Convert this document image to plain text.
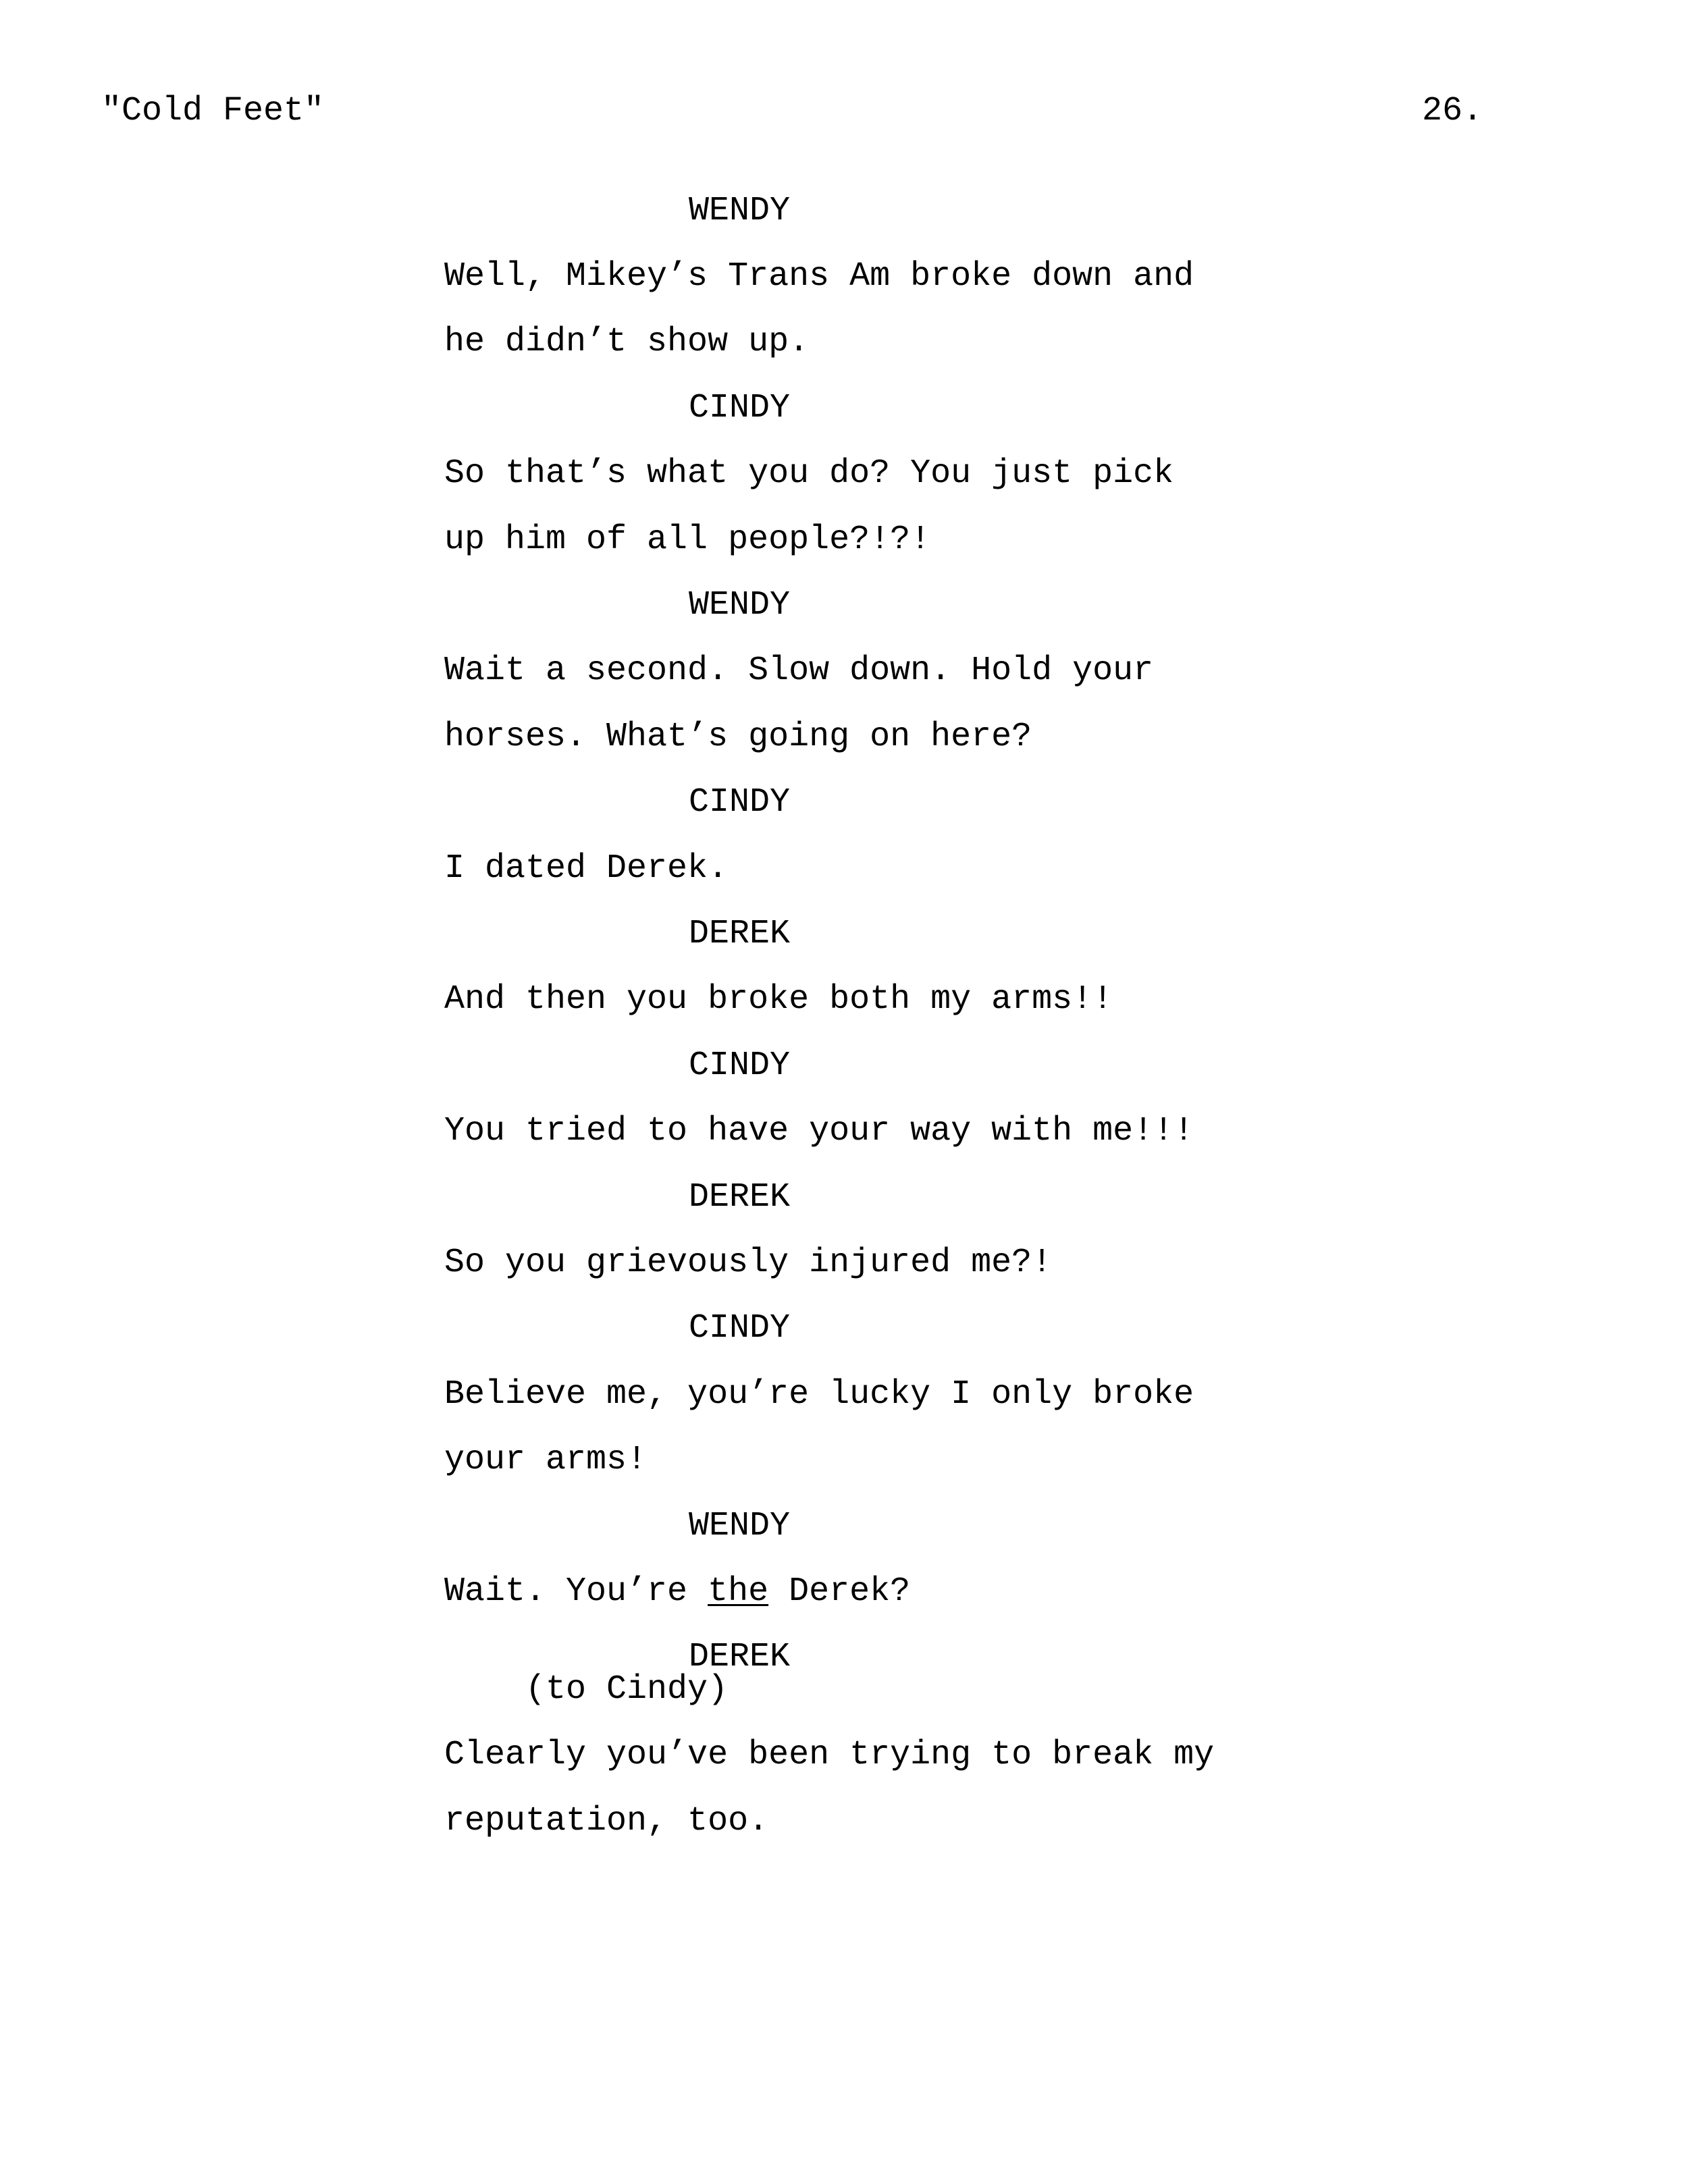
"Cold Feet"	26.
WENDY
Well, Mikey’s Trans Am broke down and
he didn’t show up.
CINDY
So that’s what you do? You just pick
up him of all people?!?!
WENDY
Wait a second. Slow down. Hold your
horses. What’s going on here?
CINDY
I dated Derek.
DEREK
And then you broke both my arms!!
CINDY
You tried to have your way with me!!!
DEREK
So you grievously injured me?!
CINDY
Believe me, you’re lucky I only broke
your arms!
WENDY
Wait. You’re the Derek?
DEREK
(to Cindy)
Clearly you’ve been trying to break my
reputation, too.
